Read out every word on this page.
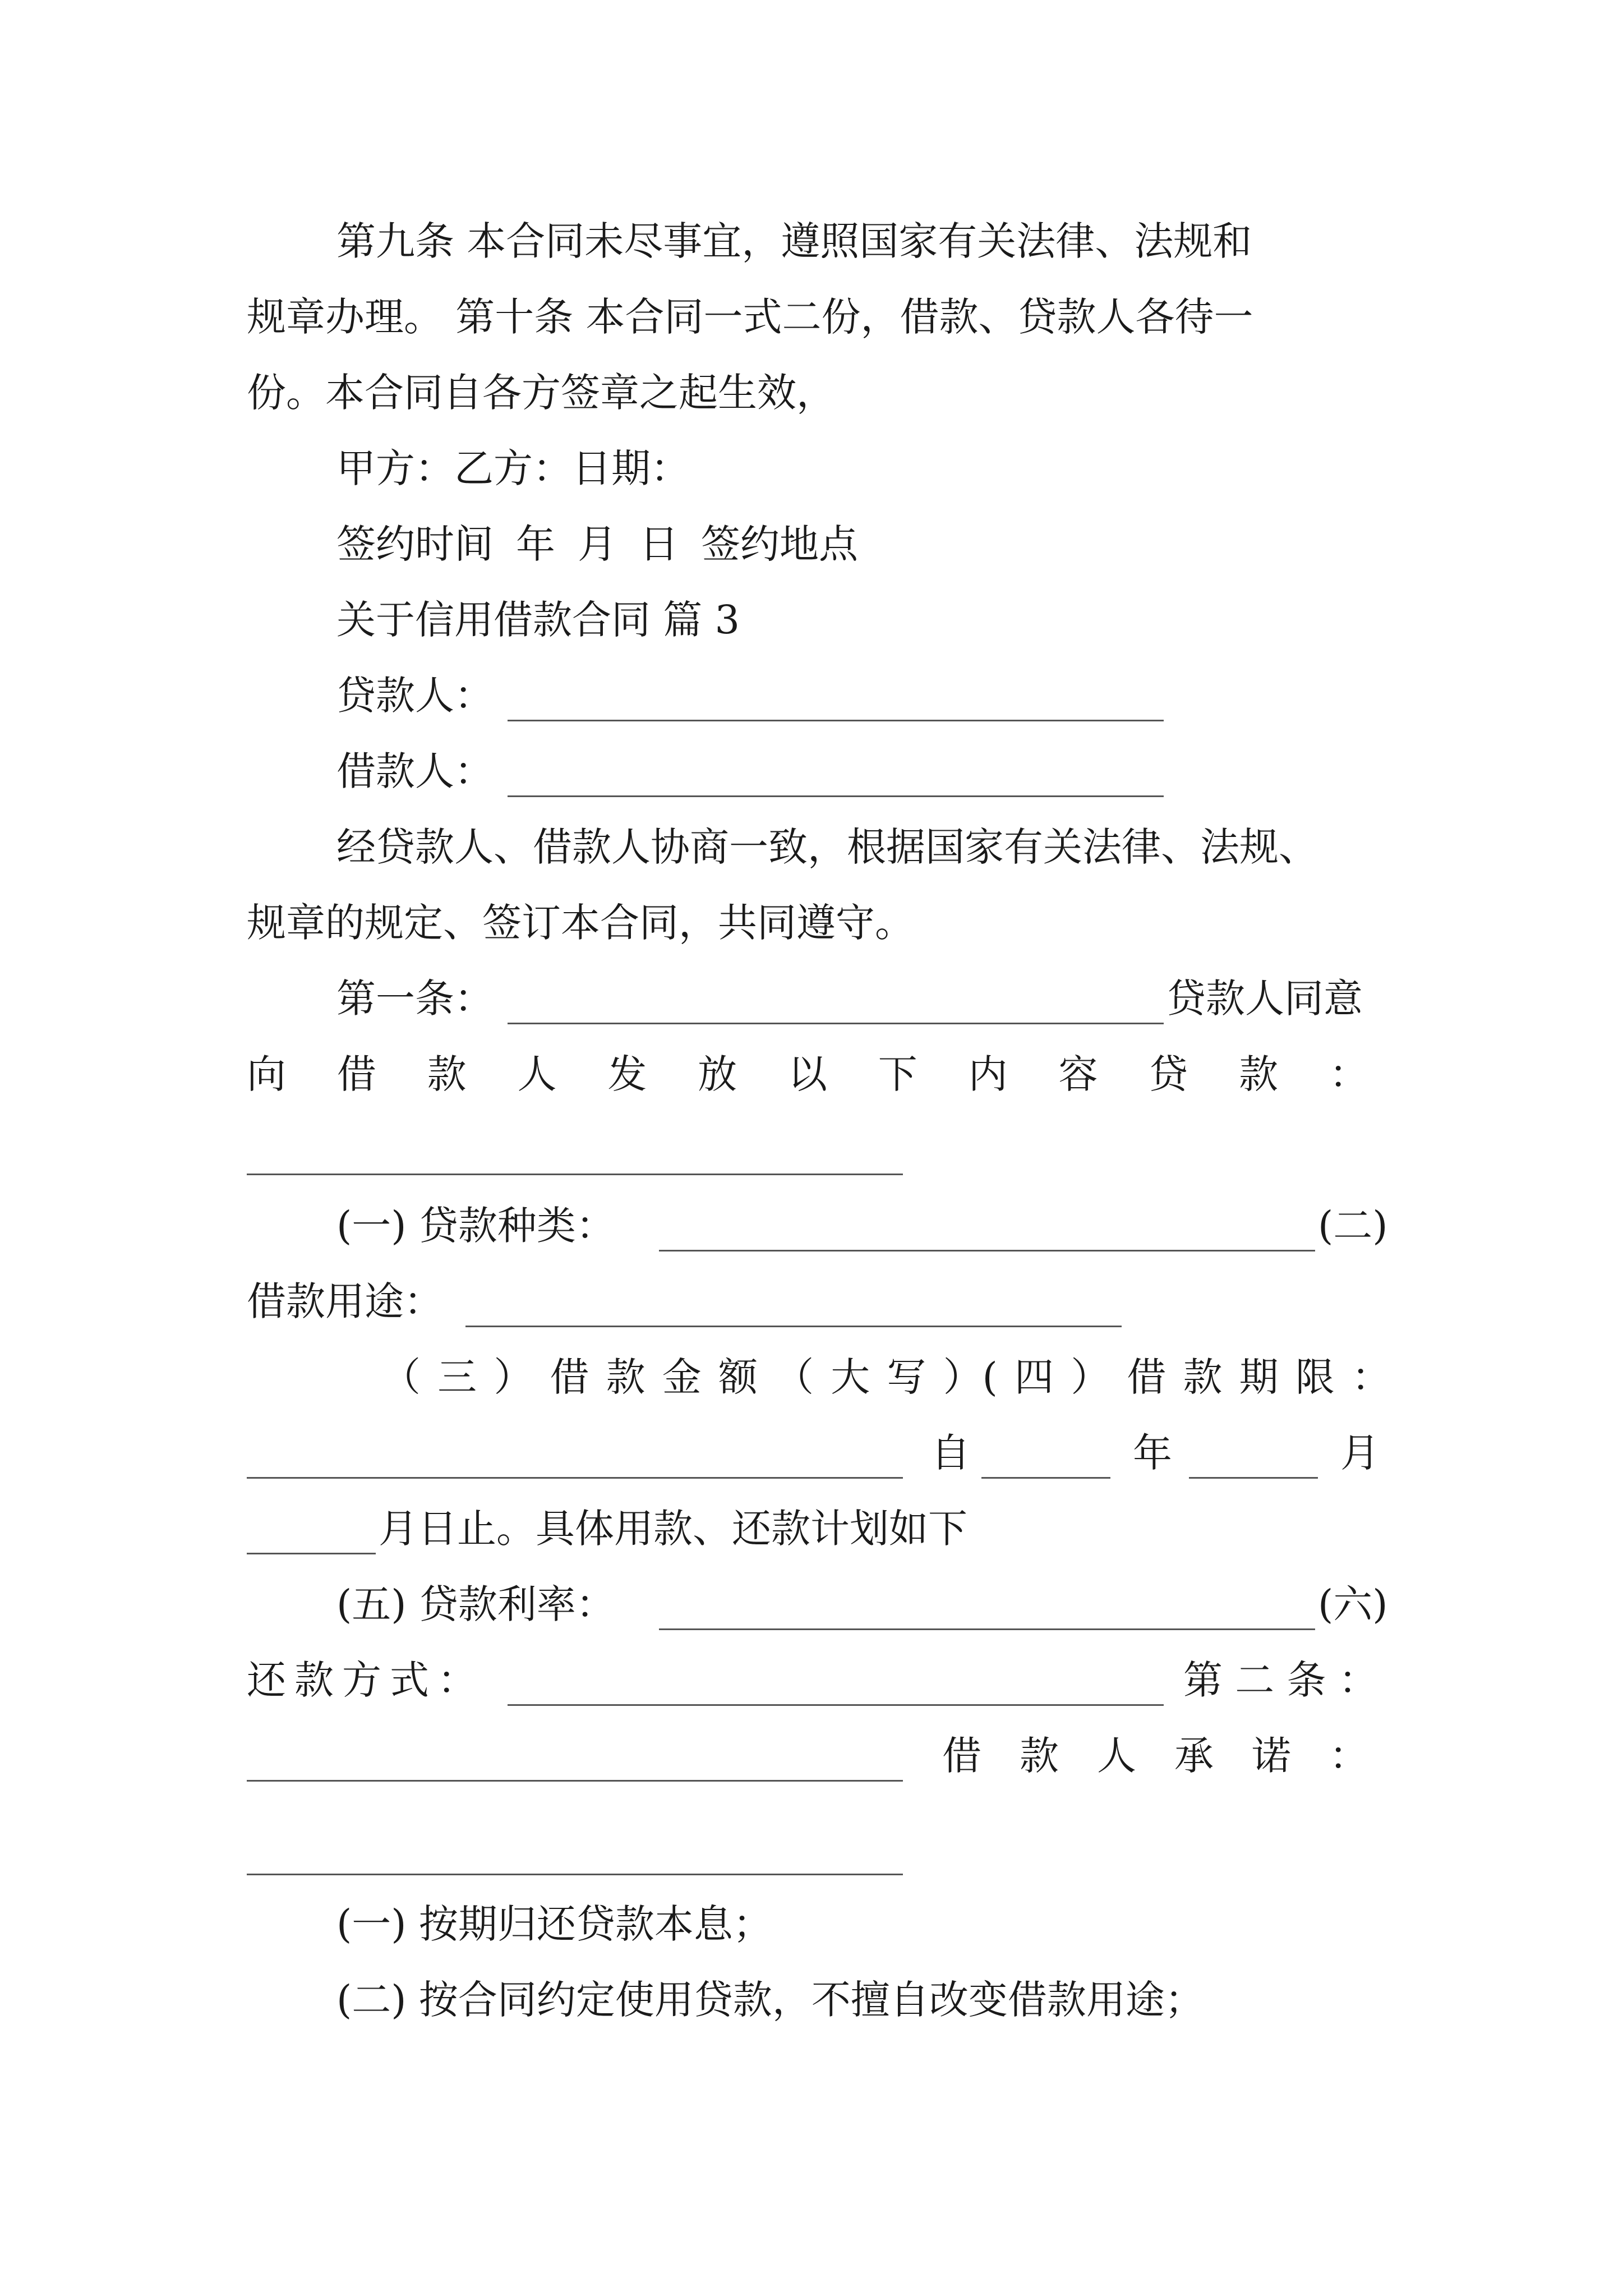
第九条 本合同未尽事宜，遵照国家有关法律、法规和
规章办理。 第十条 本合同一式二份，借款、贷款人各待一
份。本合同自各方签章之起生效，
甲方：乙方：日期：
签约时间 年 月 日 签约地点
关于信用借款合同 篇 3
贷款人：
借款人：
经贷款人、借款人协商一致，根据国家有关法律、法规、
规章的规定、签订本合同，共同遵守。
第一条：	贷款人同意
向 借 款 人 发 放 以 下 内 容 贷 款 ：
(一) 贷款种类：	(二)
借款用途：
（ 三 ） 借 款 金 额 （ 大 写 ）( 四 ） 借 款 期 限 ：
自	年	月
月日止。具体用款、还款计划如下
(五) 贷款利率：	(六)
还 款 方 式 ：	第 二 条 ：
借 款 人 承 诺 ：
(一) 按期归还贷款本息；
(二) 按合同约定使用贷款，不擅自改变借款用途；
